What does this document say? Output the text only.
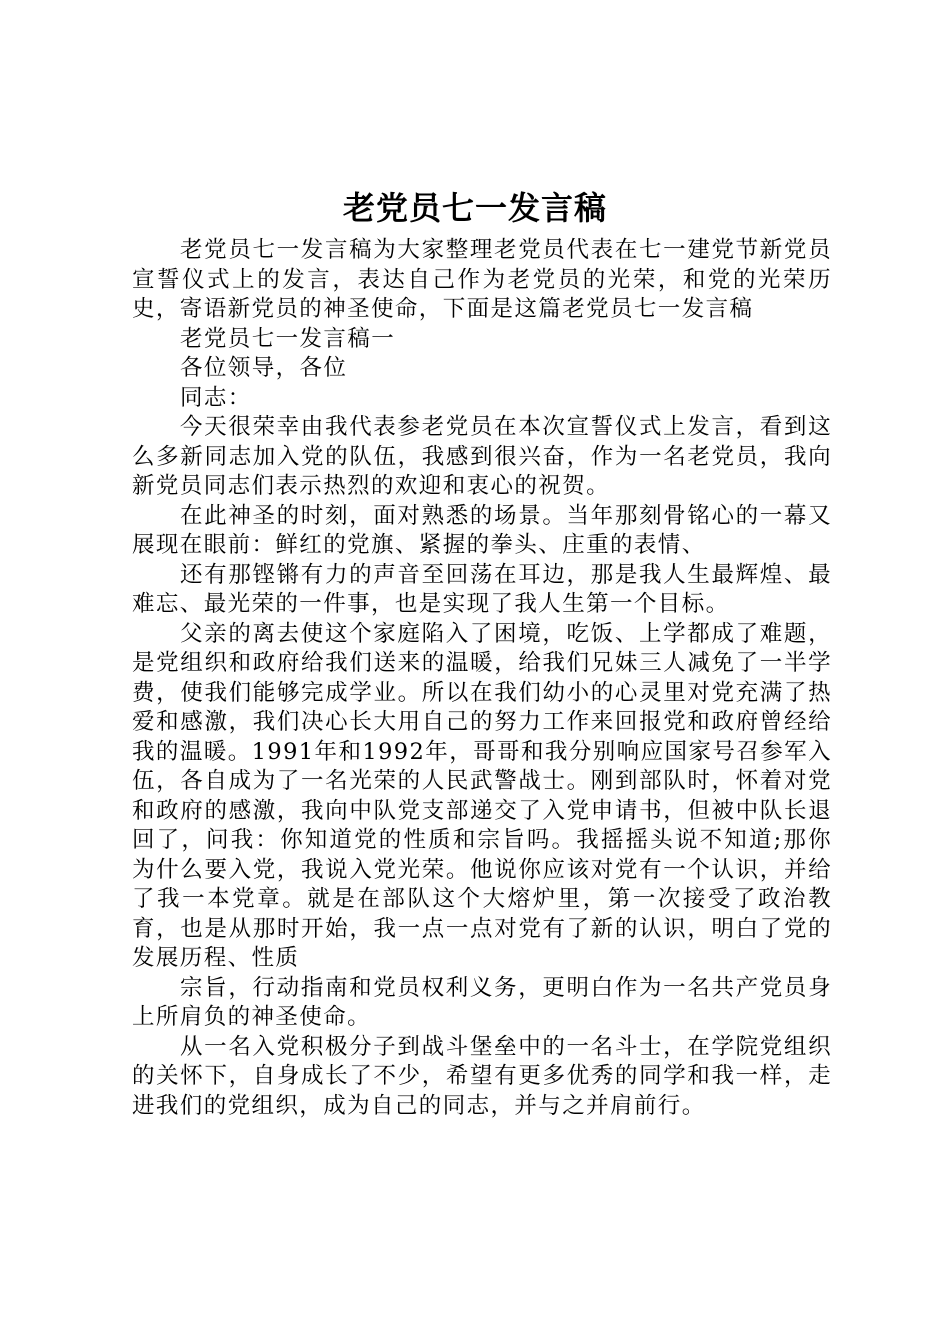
老党员七一发言稿

老党员七一发言稿为大家整理老党员代表在七一建党节新党员宣誓仪式上的发言，表达自己作为老党员的光荣，和党的光荣历史，寄语新党员的神圣使命，下面是这篇老党员七一发言稿

老党员七一发言稿一

各位领导，各位

同志：

今天很荣幸由我代表参老党员在本次宣誓仪式上发言，看到这么多新同志加入党的队伍，我感到很兴奋，作为一名老党员，我向新党员同志们表示热烈的欢迎和衷心的祝贺。

在此神圣的时刻，面对熟悉的场景。当年那刻骨铭心的一幕又展现在眼前：鲜红的党旗、紧握的拳头、庄重的表情、

还有那铿锵有力的声音至回荡在耳边，那是我人生最辉煌、最难忘、最光荣的一件事，也是实现了我人生第一个目标。

父亲的离去使这个家庭陷入了困境，吃饭、上学都成了难题，是党组织和政府给我们送来的温暖，给我们兄妹三人减免了一半学费，使我们能够完成学业。所以在我们幼小的心灵里对党充满了热爱和感激，我们决心长大用自己的努力工作来回报党和政府曾经给我的温暖。1991年和1992年，哥哥和我分别响应国家号召参军入伍，各自成为了一名光荣的人民武警战士。刚到部队时，怀着对党和政府的感激，我向中队党支部递交了入党申请书，但被中队长退回了，问我：你知道党的性质和宗旨吗。我摇摇头说不知道;那你为什么要入党，我说入党光荣。他说你应该对党有一个认识，并给了我一本党章。就是在部队这个大熔炉里，第一次接受了政治教育，也是从那时开始，我一点一点对党有了新的认识，明白了党的发展历程、性质

宗旨，行动指南和党员权利义务，更明白作为一名共产党员身上所肩负的神圣使命。

从一名入党积极分子到战斗堡垒中的一名斗士，在学院党组织的关怀下，自身成长了不少，希望有更多优秀的同学和我一样，走进我们的党组织，成为自己的同志，并与之并肩前行。
